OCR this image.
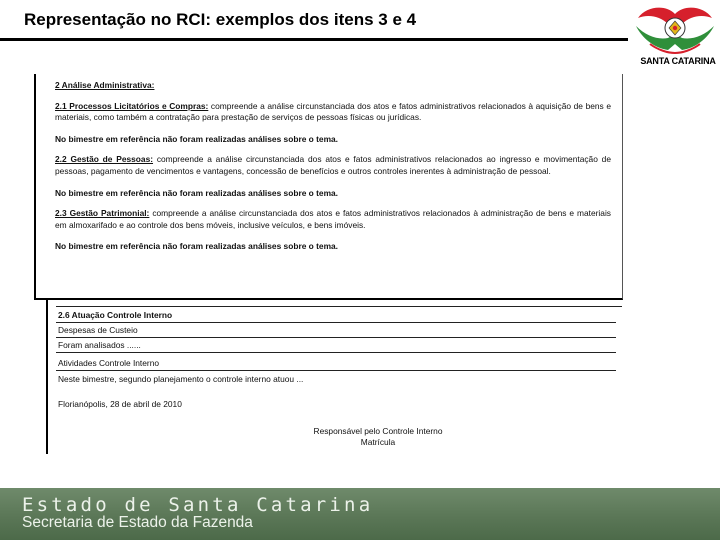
Representação no RCI: exemplos dos itens 3 e 4
SANTA CATARINA
2 Análise Administrativa:
2.1 Processos Licitatórios e Compras: compreende a análise circunstanciada dos atos e fatos administrativos relacionados à aquisição de bens e materiais, como também a contratação para prestação de serviços de pessoas físicas ou jurídicas.
No bimestre em referência não foram realizadas análises sobre o tema.
2.2 Gestão de Pessoas: compreende a análise circunstanciada dos atos e fatos administrativos relacionados ao ingresso e movimentação de pessoas, pagamento de vencimentos e vantagens, concessão de benefícios e outros controles inerentes à administração de pessoal.
No bimestre em referência não foram realizadas análises sobre o tema.
2.3 Gestão Patrimonial: compreende a análise circunstanciada dos atos e fatos administrativos relacionados à administração de bens e materiais em almoxarifado e ao controle dos bens móveis, inclusive veículos, e bens imóveis.
No bimestre em referência não foram realizadas análises sobre o tema.
2.6 Atuação Controle Interno
Despesas de Custeio
Foram analisados ......
Atividades Controle Interno
Neste bimestre, segundo planejamento o controle interno atuou ...
Florianópolis, 28 de abril de 2010
Responsável pelo Controle Interno
Matrícula
Estado de Santa Catarina
Secretaria de Estado da Fazenda
